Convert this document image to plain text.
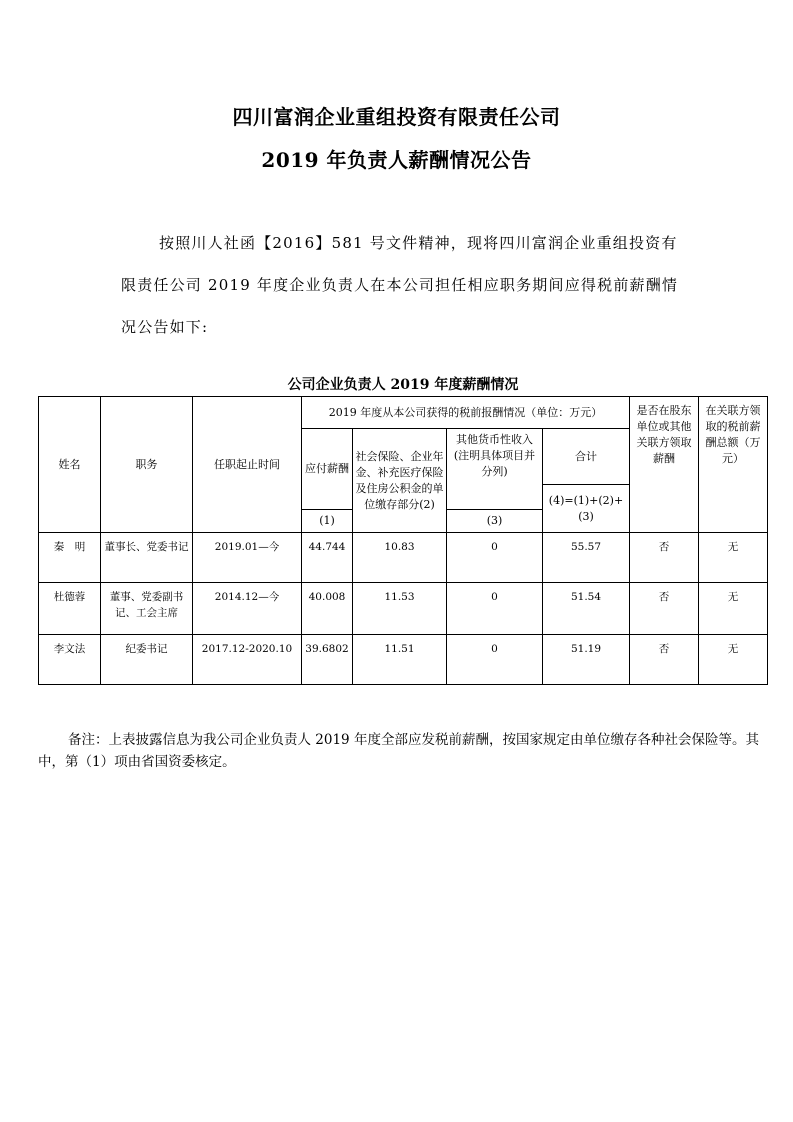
四川富润企业重组投资有限责任公司
2019 年负责人薪酬情况公告

按照川人社函【2016】581 号文件精神，现将四川富润企业重组投资有限责任公司 2019 年度企业负责人在本公司担任相应职务期间应得税前薪酬情况公告如下:

公司企业负责人 2019 年度薪酬情况
姓名	职务	任职起止时间	2019 年度从本公司获得的税前报酬情况（单位：万元）				是否在股东单位或其他关联方领取薪酬	在关联方领取的税前薪酬总额（万元）
			应付薪酬	社会保险、企业年金、补充医疗保险及住房公积金的单位缴存部分(2)	其他货币性收入(注明具体项目并分列)	合计		
						(4)=(1)+(2)+(3)		
			(1)		(3)			
秦　明	董事长、党委书记	2019.01—今	44.744	10.83	0	55.57	否	无
杜德蓉	董事、党委副书记、工会主席	2014.12—今	40.008	11.53	0	51.54	否	无
李文法	纪委书记	2017.12-2020.10	39.6802	11.51	0	51.19	否	无
备注：上表披露信息为我公司企业负责人 2019 年度全部应发税前薪酬，按国家规定由单位缴存各种社会保险等。其中，第（1）项由省国资委核定。
